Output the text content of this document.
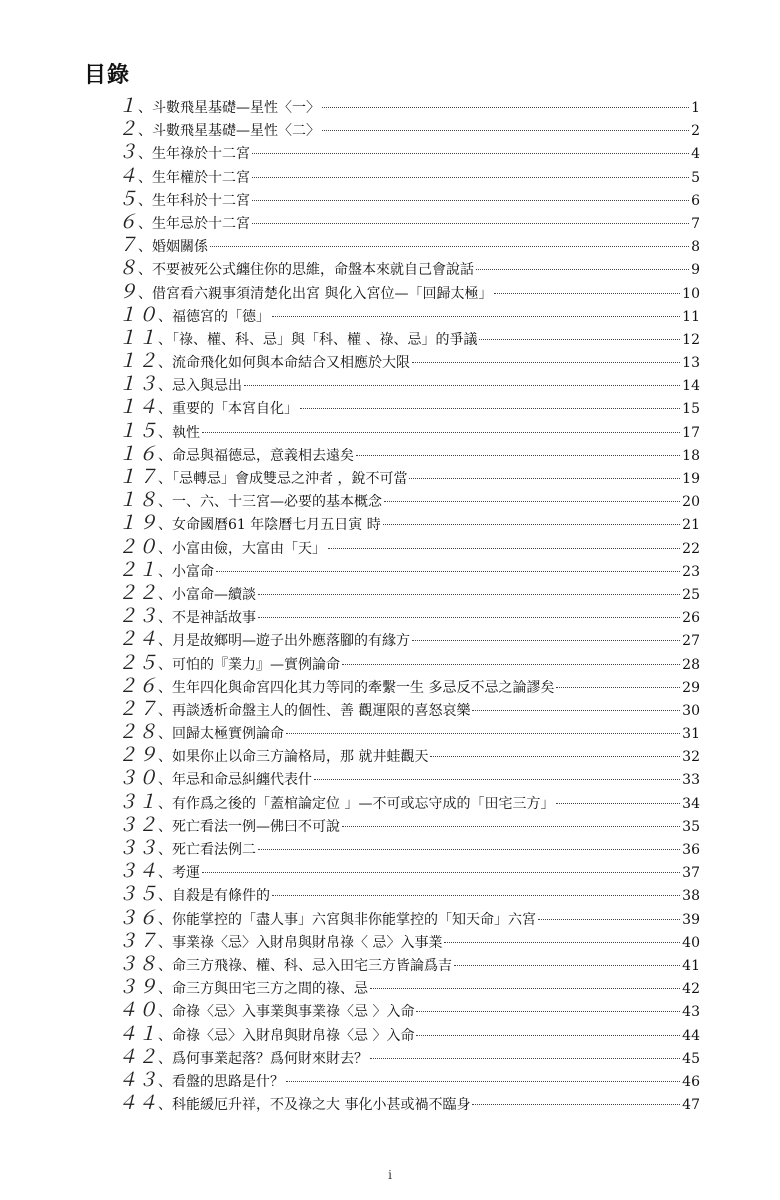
目錄
１ 、斗數飛星基礎—星性〈一〉	1
２ 、斗數飛星基礎—星性〈二〉	2
３ 、生年祿於十二宮	4
４ 、生年權於十二宮	5
５ 、生年科於十二宮	6
６ 、生年忌於十二宮	7
７ 、婚姻關係	8
８ 、不要被死公式纏住你的思維，命盤本來就自己會說話	9
９ 、借宮看六親事須清楚化出宮 與化入宮位—「回歸太極」	10
１０ 、福德宮的「德」	11
１１ 、「祿、權、科、忌」與「科、權 、祿、忌」的爭議	12
１２ 、流命飛化如何與本命結合又相應於大限	13
１３ 、忌入與忌出	14
１４ 、重要的「本宮自化」	15
１５ 、執性	17
１６ 、命忌與福德忌，意義相去遠矣	18
１７ 、「忌轉忌」會成雙忌之沖者 ，銳不可當	19
１８ 、一、六、十三宮—必要的基本概念	20
１９ 、女命國曆61 年陰曆七月五日寅 時	21
２０ 、小富由儉，大富由「天」	22
２１ 、小富命	23
２２ 、小富命—續談	25
２３ 、不是神話故事	26
２４ 、月是故鄉明—遊子出外應落腳的有緣方	27
２５ 、可怕的『業力』—實例論命	28
２６ 、生年四化與命宮四化其力等同的牽繫一生 多忌反不忌之論謬矣	29
２７ 、再談透析命盤主人的個性、善 觀運限的喜怒哀樂	30
２８ 、回歸太極實例論命	31
２９ 、如果你止以命三方論格局，那 就井蛙觀天	32
３０ 、年忌和命忌糾纏代表什	33
３１ 、有作爲之後的「蓋棺論定位 」—不可或忘守成的「田宅三方」	34
３２ 、死亡看法一例—佛曰不可說	35
３３ 、死亡看法例二	36
３４ 、考運	37
３５ 、自殺是有條件的	38
３６ 、你能掌控的「盡人事」六宮與非你能掌控的「知天命」六宮	39
３７ 、事業祿〈忌〉入財帛與財帛祿〈 忌〉入事業	40
３８ 、命三方飛祿、權、科、忌入田宅三方皆論爲吉	41
３９ 、命三方與田宅三方之間的祿、忌	42
４０ 、命祿〈忌〉入事業與事業祿〈忌 〉入命	43
４１ 、命祿〈忌〉入財帛與財帛祿〈忌 〉入命	44
４２ 、爲何事業起落？爲何財來財去？	45
４３ 、看盤的思路是什？	46
４４ 、科能緩厄升祥，不及祿之大 事化小甚或禍不臨身	47
i
